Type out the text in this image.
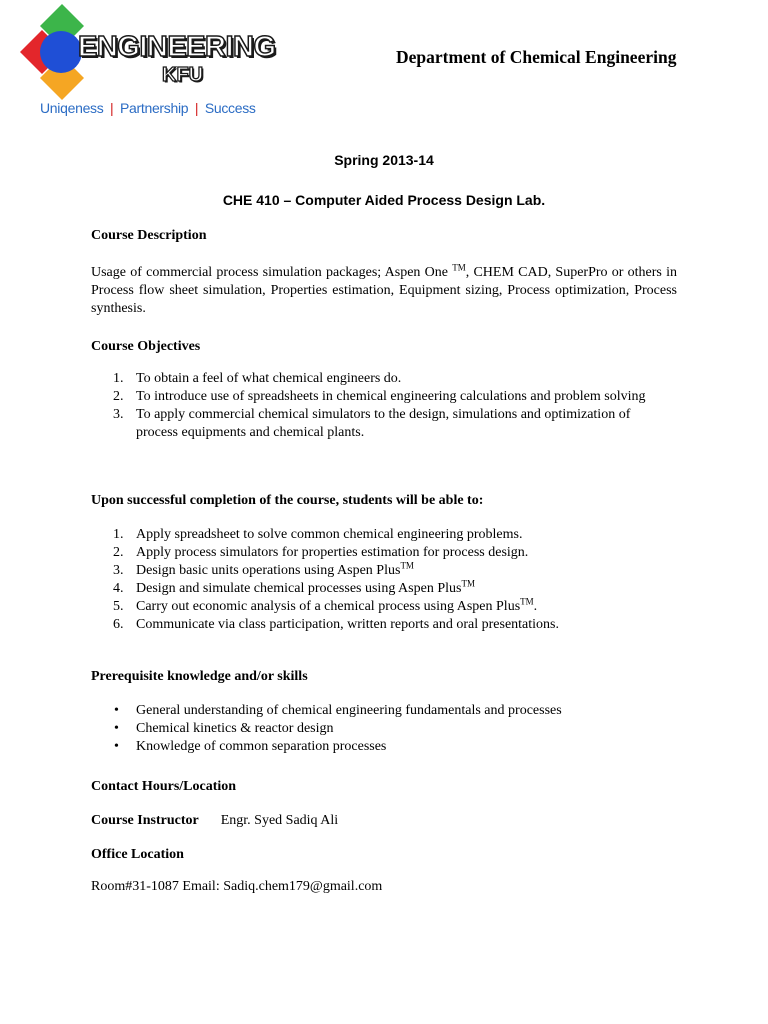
ENGINEERING
KFU
Uniqeness | Partnership | Success
Department of Chemical Engineering
Spring 2013-14
CHE 410 – Computer Aided Process Design Lab.
Course Description
Usage of commercial process simulation packages; Aspen One ™, CHEM CAD, SuperPro or others in Process flow sheet simulation, Properties estimation, Equipment sizing, Process optimization, Process synthesis.
Course Objectives
1. To obtain a feel of what chemical engineers do.
2. To introduce use of spreadsheets in chemical engineering calculations and problem solving
3. To apply commercial chemical simulators to the design, simulations and optimization of process equipments and chemical plants.
Upon successful completion of the course, students will be able to:
1. Apply spreadsheet to solve common chemical engineering problems.
2. Apply process simulators for properties estimation for process design.
3. Design basic units operations using Aspen Plus™
4. Design and simulate chemical processes using Aspen Plus™
5. Carry out economic analysis of a chemical process using Aspen Plus™.
6. Communicate via class participation, written reports and oral presentations.
Prerequisite knowledge and/or skills
• General understanding of chemical engineering fundamentals and processes
• Chemical kinetics & reactor design
• Knowledge of common separation processes
Contact Hours/Location
Course Instructor Engr. Syed Sadiq Ali
Office Location
Room#31-1087 Email: Sadiq.chem179@gmail.com
